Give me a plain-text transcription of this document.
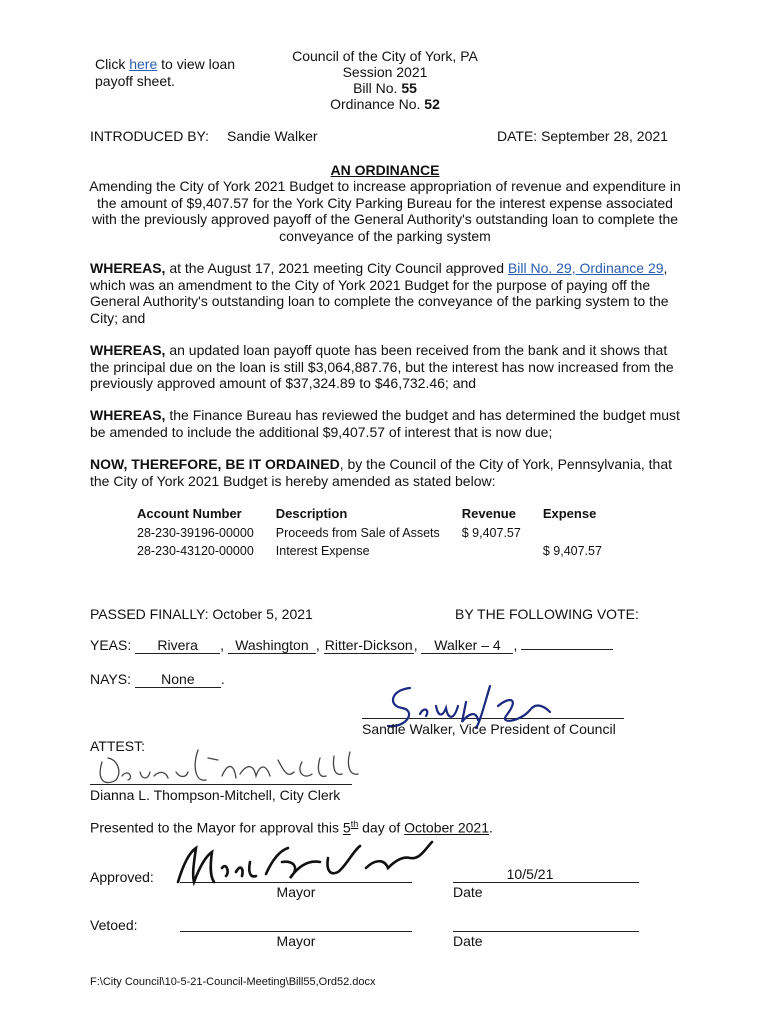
Click here to view loan
payoff sheet.
Council of the City of York, PA
Session 2021
Bill No. 55
Ordinance No. 52
INTRODUCED BY: Sandie Walker	DATE: September 28, 2021
AN ORDINANCE
Amending the City of York 2021 Budget to increase appropriation of revenue and expenditure in the amount of $9,407.57 for the York City Parking Bureau for the interest expense associated with the previously approved payoff of the General Authority's outstanding loan to complete the conveyance of the parking system
WHEREAS, at the August 17, 2021 meeting City Council approved Bill No. 29, Ordinance 29, which was an amendment to the City of York 2021 Budget for the purpose of paying off the General Authority's outstanding loan to complete the conveyance of the parking system to the City; and
WHEREAS, an updated loan payoff quote has been received from the bank and it shows that the principal due on the loan is still $3,064,887.76, but the interest has now increased from the previously approved amount of $37,324.89 to $46,732.46; and
WHEREAS, the Finance Bureau has reviewed the budget and has determined the budget must be amended to include the additional $9,407.57 of interest that is now due;
NOW, THEREFORE, BE IT ORDAINED, by the Council of the City of York, Pennsylvania, that the City of York 2021 Budget is hereby amended as stated below:
Account Number	Description	Revenue	Expense
28-230-39196-00000	Proceeds from Sale of Assets	$ 9,407.57	
28-230-43120-00000	Interest Expense		$ 9,407.57
PASSED FINALLY: October 5, 2021	BY THE FOLLOWING VOTE:
YEAS: Rivera , Washington , Ritter-Dickson, Walker – 4 ,
NAYS: None .
Sandie Walker, Vice President of Council
ATTEST:
Dianna L. Thompson-Mitchell, City Clerk
Presented to the Mayor for approval this 5th day of October 2021.
Approved:
Mayor
10/5/21
Date
Vetoed:
Mayor	Date
F:\City Council\10-5-21-Council-Meeting\Bill55,Ord52.docx
